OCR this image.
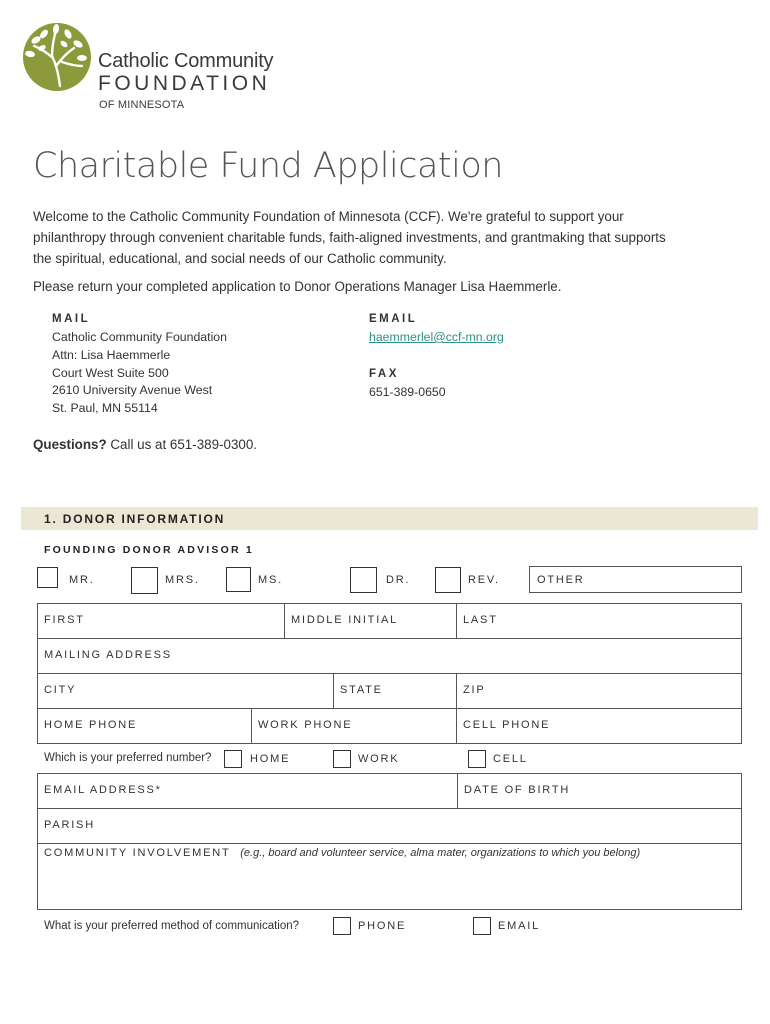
Catholic Community
FOUNDATION
OF MINNESOTA
Charitable Fund Application
Welcome to the Catholic Community Foundation of Minnesota (CCF). We're grateful to support your philanthropy through convenient charitable funds, faith-aligned investments, and grantmaking that supports the spiritual, educational, and social needs of our Catholic community.
Please return your completed application to Donor Operations Manager Lisa Haemmerle.
MAIL
Catholic Community Foundation
Attn: Lisa Haemmerle
Court West Suite 500
2610 University Avenue West
St. Paul, MN 55114
EMAIL
haemmerlel@ccf-mn.org
FAX
651-389-0650
Questions? Call us at 651-389-0300.
1. DONOR INFORMATION
FOUNDING DONOR ADVISOR 1
MR.	MRS.	MS.	DR.	REV.	OTHER
FIRST	MIDDLE INITIAL	LAST
MAILING ADDRESS
CITY	STATE	ZIP
HOME PHONE	WORK PHONE	CELL PHONE
Which is your preferred number?	HOME	WORK	CELL
EMAIL ADDRESS*	DATE OF BIRTH
PARISH
COMMUNITY INVOLVEMENT (e.g., board and volunteer service, alma mater, organizations to which you belong)
What is your preferred method of communication?	PHONE	EMAIL
